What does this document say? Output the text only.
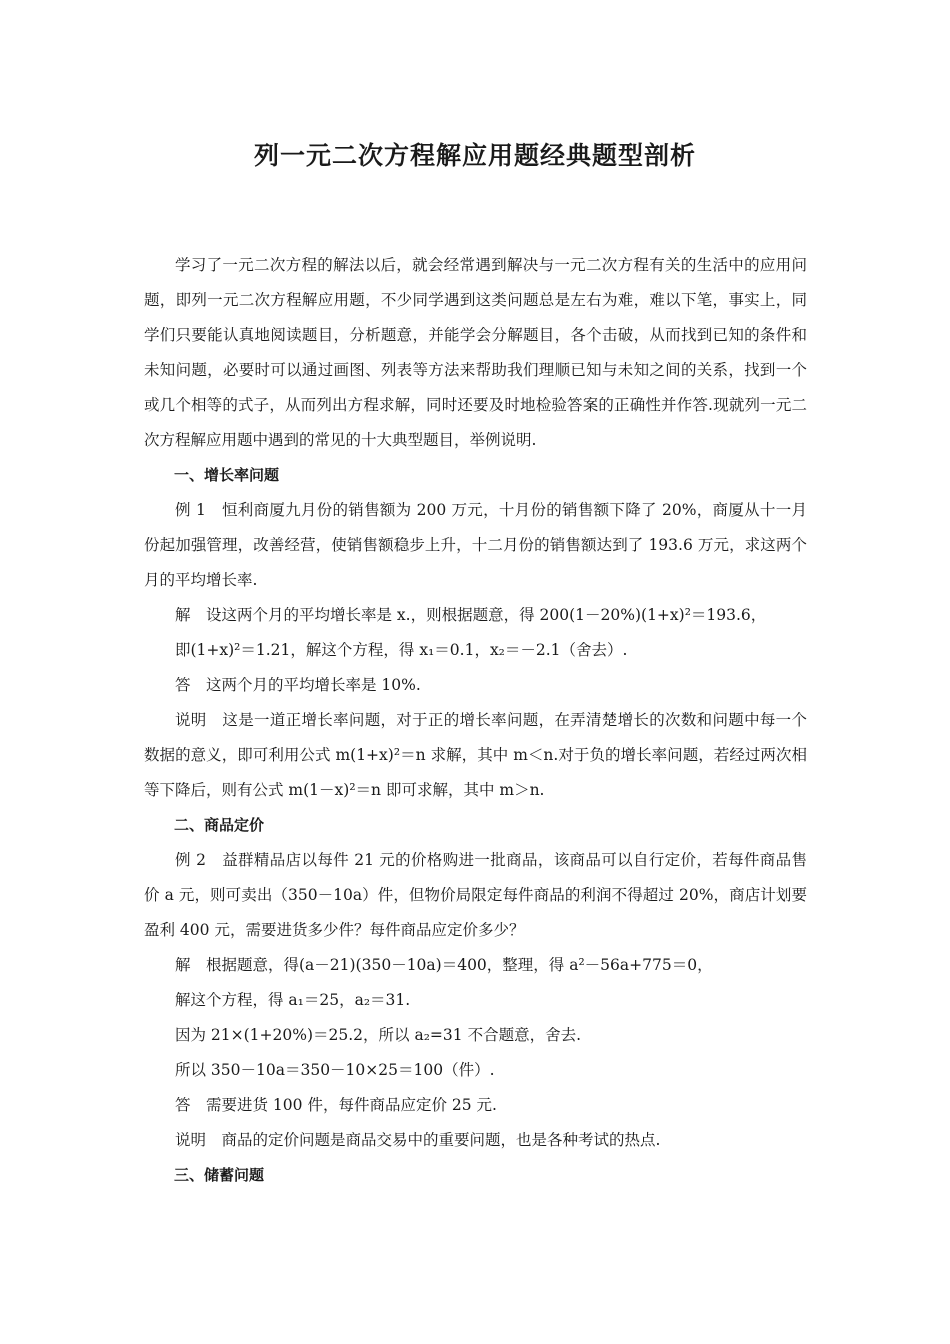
列一元二次方程解应用题经典题型剖析

学习了一元二次方程的解法以后，就会经常遇到解决与一元二次方程有关的生活中的应用问题，即列一元二次方程解应用题，不少同学遇到这类问题总是左右为难，难以下笔，事实上，同学们只要能认真地阅读题目，分析题意，并能学会分解题目，各个击破，从而找到已知的条件和未知问题，必要时可以通过画图、列表等方法来帮助我们理顺已知与未知之间的关系，找到一个或几个相等的式子，从而列出方程求解，同时还要及时地检验答案的正确性并作答.现就列一元二次方程解应用题中遇到的常见的十大典型题目，举例说明.

一、增长率问题

例 1　恒利商厦九月份的销售额为 200 万元，十月份的销售额下降了 20%，商厦从十一月份起加强管理，改善经营，使销售额稳步上升，十二月份的销售额达到了 193.6 万元，求这两个月的平均增长率.

解　设这两个月的平均增长率是 x.，则根据题意，得 200(1－20%)(1+x)²＝193.6，

即(1+x)²＝1.21，解这个方程，得 x₁＝0.1，x₂＝－2.1（舍去）.

答　这两个月的平均增长率是 10%.

说明　这是一道正增长率问题，对于正的增长率问题，在弄清楚增长的次数和问题中每一个数据的意义，即可利用公式 m(1+x)²＝n 求解，其中 m＜n.对于负的增长率问题，若经过两次相等下降后，则有公式 m(1－x)²＝n 即可求解，其中 m＞n.

二、商品定价

例 2　益群精品店以每件 21 元的价格购进一批商品，该商品可以自行定价，若每件商品售价 a 元，则可卖出（350－10a）件，但物价局限定每件商品的利润不得超过 20%，商店计划要盈利 400 元，需要进货多少件？每件商品应定价多少？

解　根据题意，得(a－21)(350－10a)＝400，整理，得 a²－56a+775＝0，

解这个方程，得 a₁＝25，a₂＝31.

因为 21×(1+20%)＝25.2，所以 a₂=31 不合题意，舍去.

所以 350－10a＝350－10×25＝100（件）.

答　需要进货 100 件，每件商品应定价 25 元.

说明　商品的定价问题是商品交易中的重要问题，也是各种考试的热点.

三、储蓄问题
